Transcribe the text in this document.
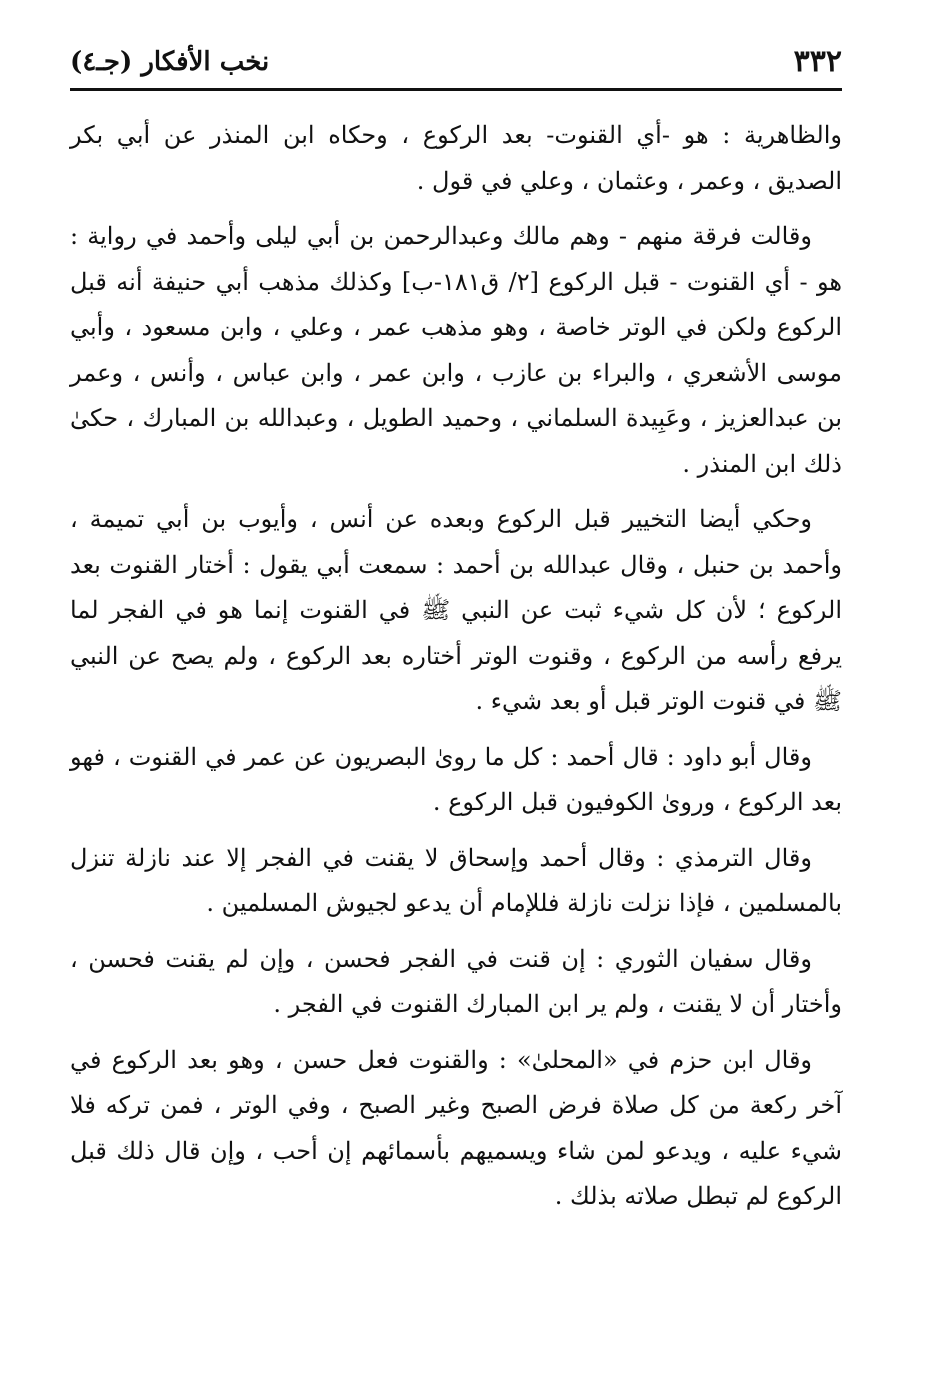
٣٣٢
نخب الأفكار (جـ٤)

والظاهرية : هو -أي القنوت- بعد الركوع ، وحكاه ابن المنذر عن أبي بكر الصديق ، وعمر ، وعثمان ، وعلي في قول .

وقالت فرقة منهم - وهم مالك وعبدالرحمن بن أبي ليلى وأحمد في رواية : هو - أي القنوت - قبل الركوع [٢/ ق١٨١-ب] وكذلك مذهب أبي حنيفة أنه قبل الركوع ولكن في الوتر خاصة ، وهو مذهب عمر ، وعلي ، وابن مسعود ، وأبي موسى الأشعري ، والبراء بن عازب ، وابن عمر ، وابن عباس ، وأنس ، وعمر بن عبدالعزيز ، وعَبِيدة السلماني ، وحميد الطويل ، وعبدالله بن المبارك ، حكىٰ ذلك ابن المنذر .

وحكي أيضا التخيير قبل الركوع وبعده عن أنس ، وأيوب بن أبي تميمة ، وأحمد بن حنبل ، وقال عبدالله بن أحمد : سمعت أبي يقول : أختار القنوت بعد الركوع ؛ لأن كل شيء ثبت عن النبي ﷺ في القنوت إنما هو في الفجر لما يرفع رأسه من الركوع ، وقنوت الوتر أختاره بعد الركوع ، ولم يصح عن النبي ﷺ في قنوت الوتر قبل أو بعد شيء .

وقال أبو داود : قال أحمد : كل ما روىٰ البصريون عن عمر في القنوت ، فهو بعد الركوع ، وروىٰ الكوفيون قبل الركوع .

وقال الترمذي : وقال أحمد وإسحاق لا يقنت في الفجر إلا عند نازلة تنزل بالمسلمين ، فإذا نزلت نازلة فللإمام أن يدعو لجيوش المسلمين .

وقال سفيان الثوري : إن قنت في الفجر فحسن ، وإن لم يقنت فحسن ، وأختار أن لا يقنت ، ولم ير ابن المبارك القنوت في الفجر .

وقال ابن حزم في «المحلىٰ» : والقنوت فعل حسن ، وهو بعد الركوع في آخر ركعة من كل صلاة فرض الصبح وغير الصبح ، وفي الوتر ، فمن تركه فلا شيء عليه ، ويدعو لمن شاء ويسميهم بأسمائهم إن أحب ، وإن قال ذلك قبل الركوع لم تبطل صلاته بذلك .
